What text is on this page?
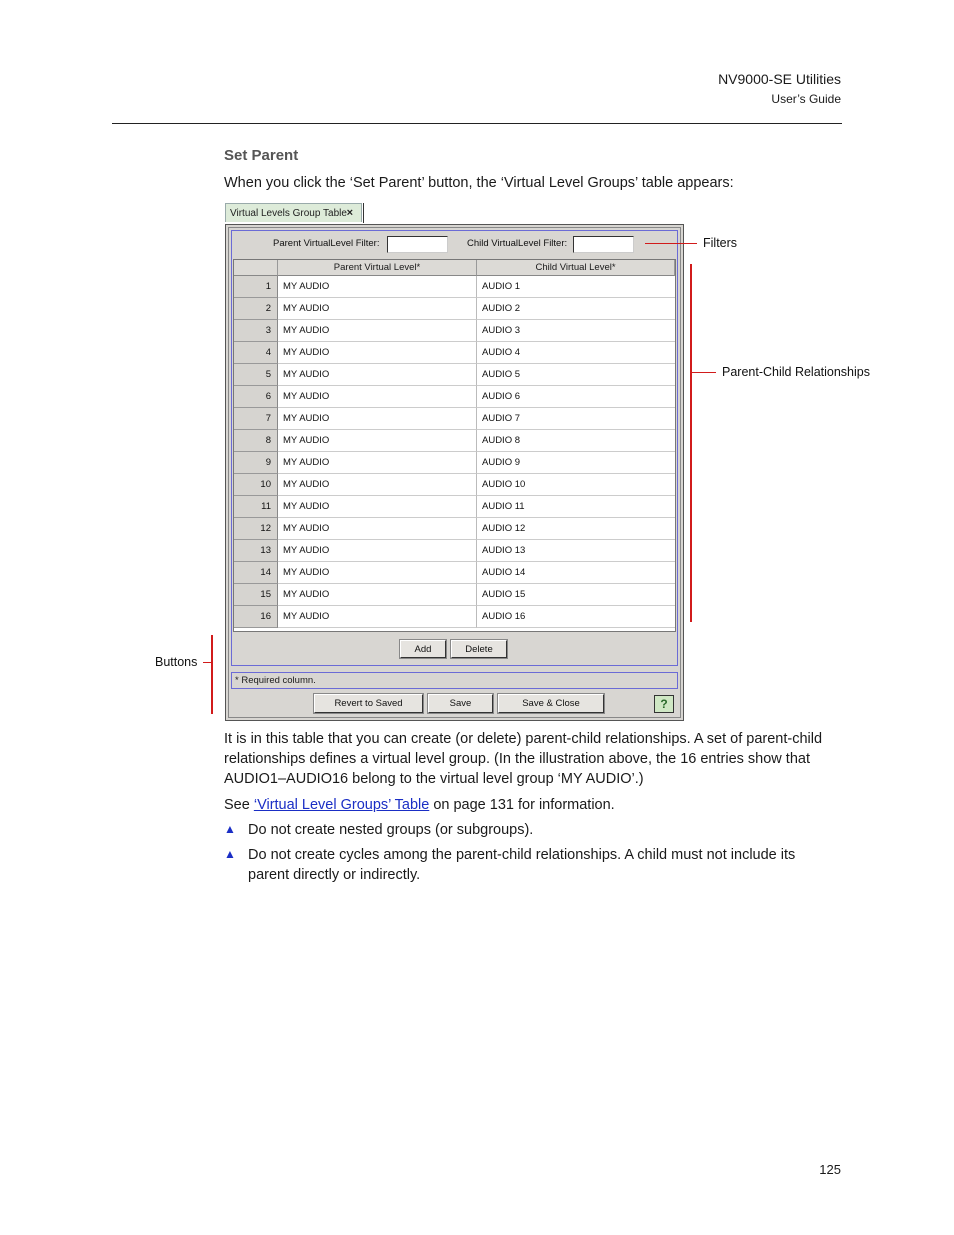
NV9000-SE Utilities
User’s Guide
Set Parent
When you click the ‘Set Parent’ button, the ‘Virtual Level Groups’ table appears:
Virtual Levels Group Table ×
Parent VirtualLevel Filter:	Child VirtualLevel Filter:
Parent Virtual Level*	Child Virtual Level*
1	MY AUDIO	AUDIO 1
2	MY AUDIO	AUDIO 2
3	MY AUDIO	AUDIO 3
4	MY AUDIO	AUDIO 4
5	MY AUDIO	AUDIO 5
6	MY AUDIO	AUDIO 6
7	MY AUDIO	AUDIO 7
8	MY AUDIO	AUDIO 8
9	MY AUDIO	AUDIO 9
10	MY AUDIO	AUDIO 10
11	MY AUDIO	AUDIO 11
12	MY AUDIO	AUDIO 12
13	MY AUDIO	AUDIO 13
14	MY AUDIO	AUDIO 14
15	MY AUDIO	AUDIO 15
16	MY AUDIO	AUDIO 16
Add	Delete
* Required column.
Revert to Saved	Save	Save & Close	?
Filters
Parent-Child Relationships
Buttons
It is in this table that you can create (or delete) parent-child relationships. A set of parent-child relationships defines a virtual level group. (In the illustration above, the 16 entries show that AUDIO1–AUDIO16 belong to the virtual level group ‘MY AUDIO’.)
See ‘Virtual Level Groups’ Table on page 131 for information.
▲ Do not create nested groups (or subgroups).
▲ Do not create cycles among the parent-child relationships. A child must not include its parent directly or indirectly.
125
